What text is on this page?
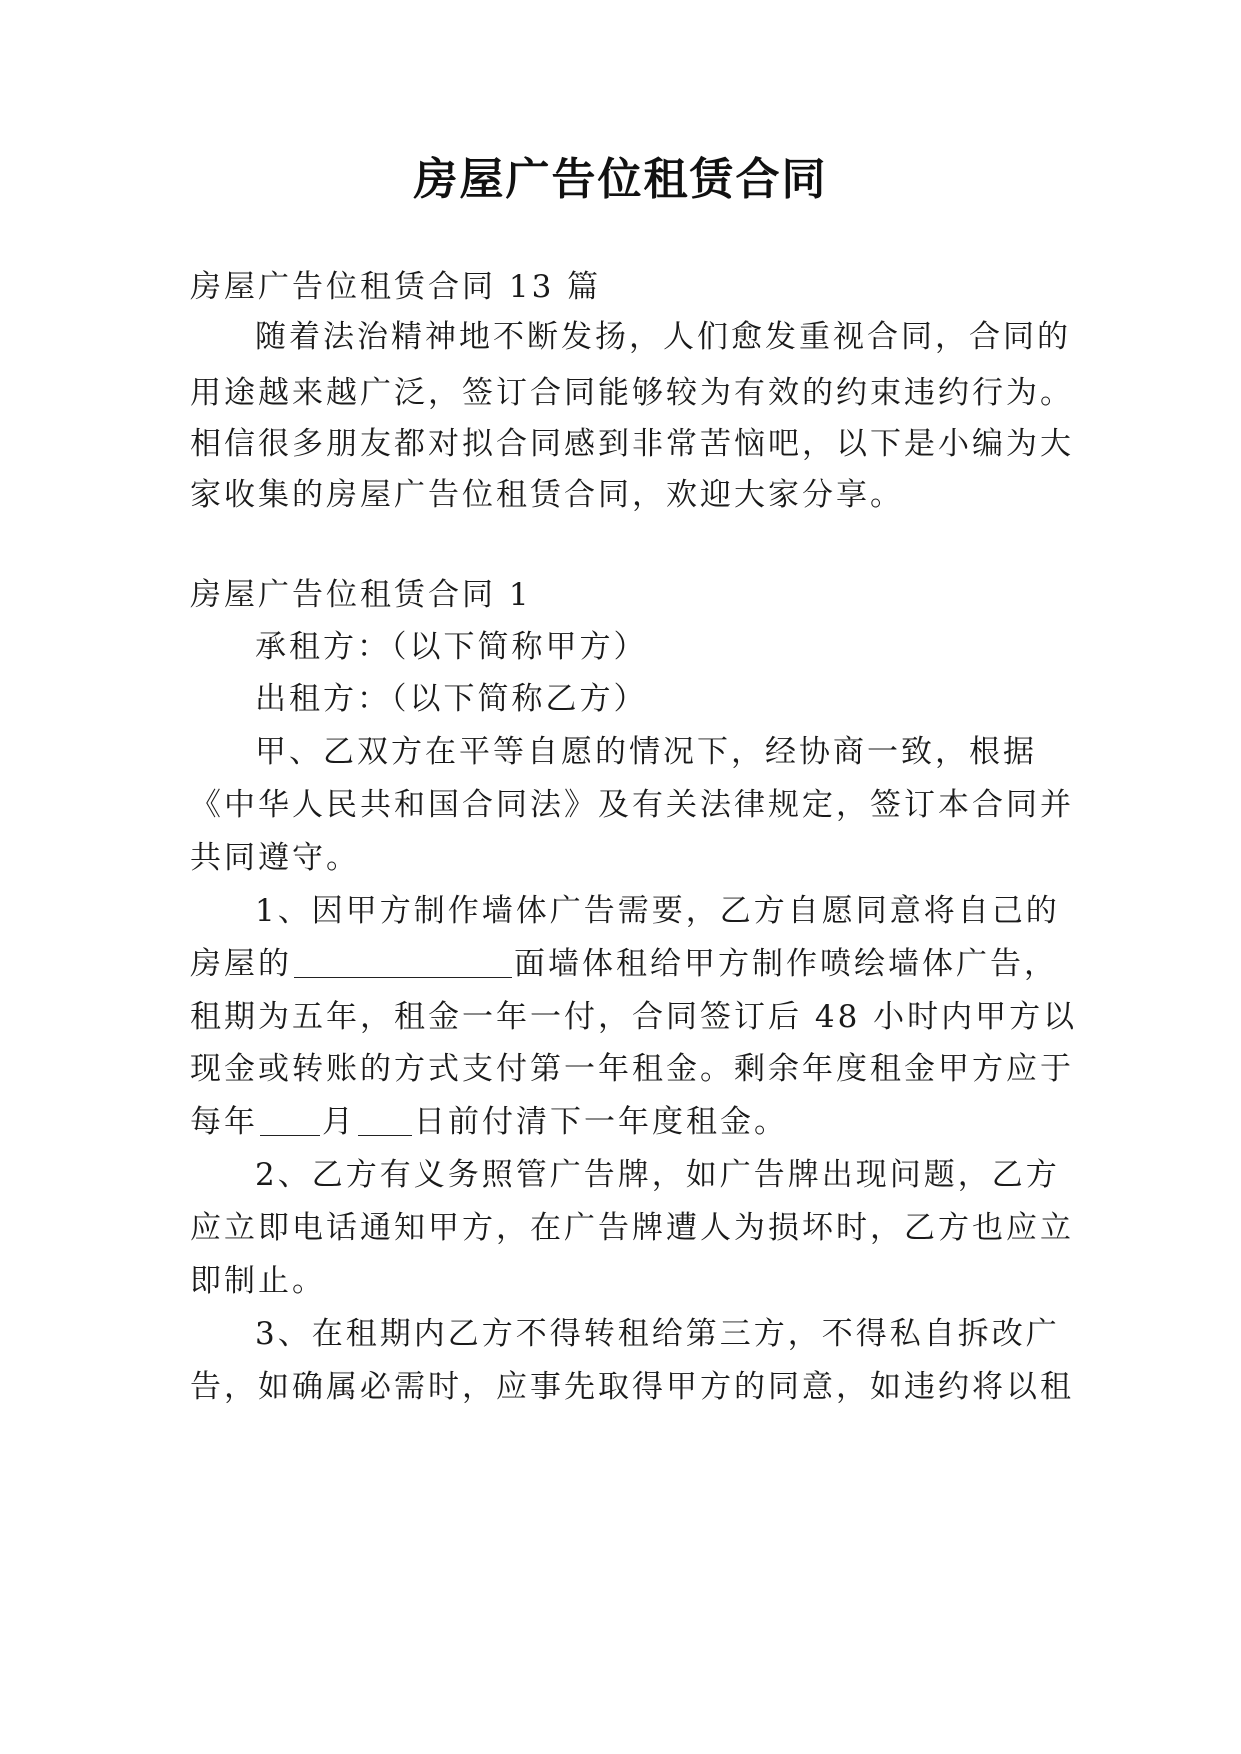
房屋广告位租赁合同
房屋广告位租赁合同 13 篇
随着法治精神地不断发扬，人们愈发重视合同，合同的
用途越来越广泛，签订合同能够较为有效的约束违约行为。
相信很多朋友都对拟合同感到非常苦恼吧，以下是小编为大
家收集的房屋广告位租赁合同，欢迎大家分享。
房屋广告位租赁合同 1
承租方：（以下简称甲方）
出租方：（以下简称乙方）
甲、乙双方在平等自愿的情况下，经协商一致，根据
《中华人民共和国合同法》及有关法律规定，签订本合同并
共同遵守。
1、因甲方制作墙体广告需要，乙方自愿同意将自己的
房屋的	面墙体租给甲方制作喷绘墙体广告，
租期为五年，租金一年一付，合同签订后 48 小时内甲方以
现金或转账的方式支付第一年租金。剩余年度租金甲方应于
每年 月 日前付清下一年度租金。
2、乙方有义务照管广告牌，如广告牌出现问题，乙方
应立即电话通知甲方，在广告牌遭人为损坏时，乙方也应立
即制止。
3、在租期内乙方不得转租给第三方，不得私自拆改广
告，如确属必需时，应事先取得甲方的同意，如违约将以租
